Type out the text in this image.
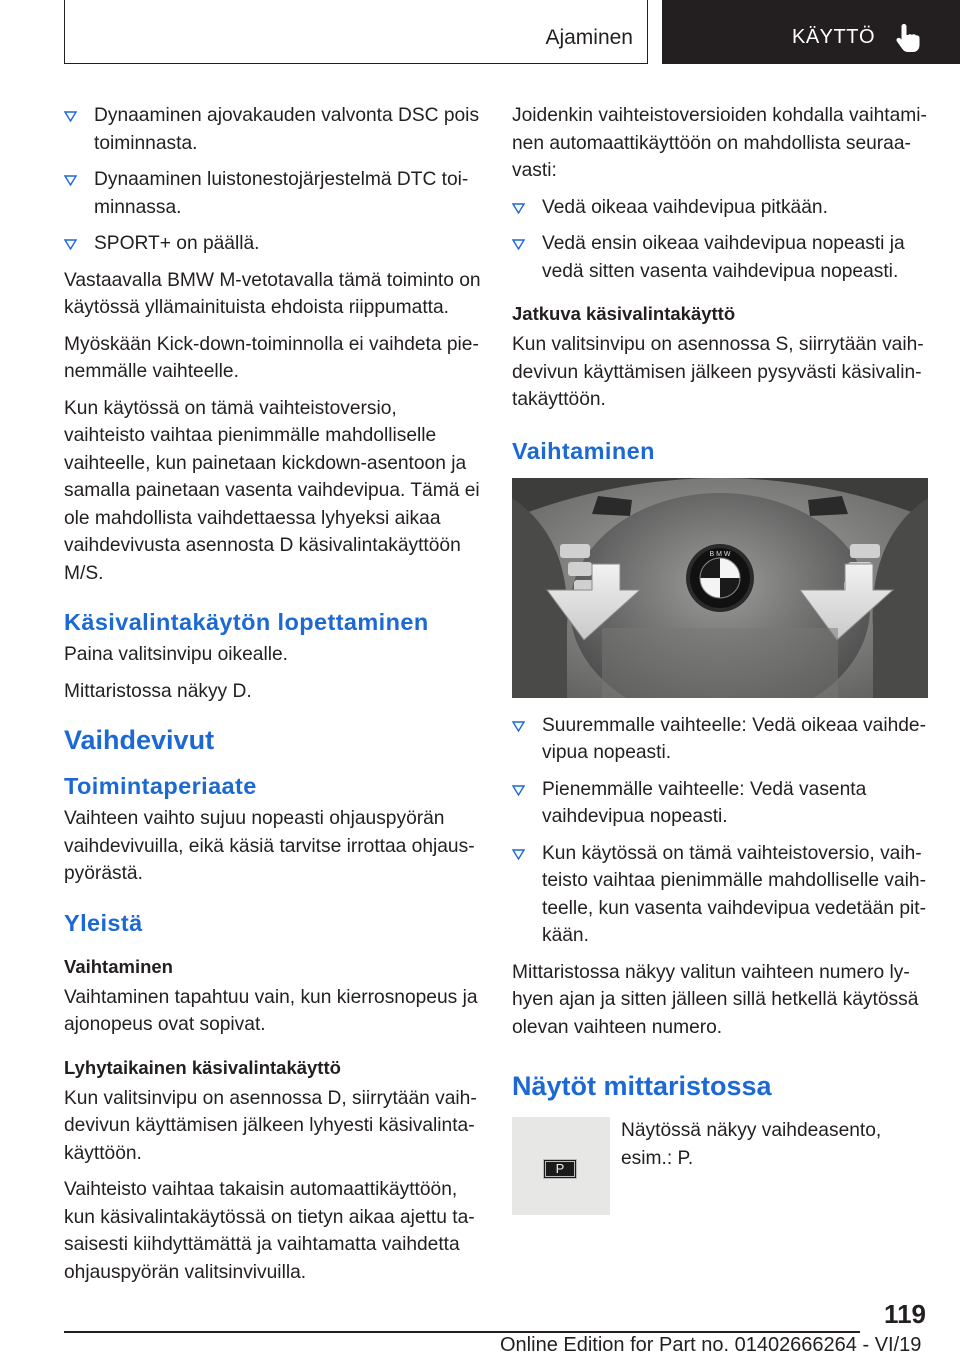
Ajaminen	KÄYTTÖ
Dynaaminen ajovakauden valvonta DSC pois toiminnasta.
Dynaaminen luistonestojärjestelmä DTC toiminnassa.
SPORT+ on päällä.

Vastaavalla BMW M-vetotavalla tämä toiminto on käytössä yllämainituista ehdoista riippumatta.

Myöskään Kick-down-toiminnolla ei vaihdeta pienemmälle vaihteelle.

Kun käytössä on tämä vaihteistoversio, vaihteisto vaihtaa pienimmälle mahdolliselle vaihteelle, kun painetaan kickdown-asentoon ja samalla painetaan vasenta vaihdevipua. Tämä ei ole mahdollista vaihdettaessa lyhyeksi aikaa vaihdevivusta asennosta D käsivalintakäyttöön M/S.

Käsivalintakäytön lopettaminen

Paina valitsinvipu oikealle.

Mittaristossa näkyy D.

Vaihdevivut
Toimintaperiaate

Vaihteen vaihto sujuu nopeasti ohjauspyörän vaihdevivuilla, eikä käsiä tarvitse irrottaa ohjauspyörästä.

Yleistä
Vaihtaminen

Vaihtaminen tapahtuu vain, kun kierrosnopeus ja ajonopeus ovat sopivat.

Lyhytaikainen käsivalintakäyttö

Kun valitsinvipu on asennossa D, siirrytään vaihdevivun käyttämisen jälkeen lyhyesti käsivalintakäyttöön.

Vaihteisto vaihtaa takaisin automaattikäyttöön, kun käsivalintakäytössä on tietyn aikaa ajettu tasaisesti kiihdyttämättä ja vaihtamatta vaihdetta ohjauspyörän valitsinvivuilla.

Joidenkin vaihteistoversioiden kohdalla vaihtaminen automaattikäyttöön on mahdollista seuraavasti:

Vedä oikeaa vaihdevipua pitkään.
Vedä ensin oikeaa vaihdevipua nopeasti ja vedä sitten vasenta vaihdevipua nopeasti.
Jatkuva käsivalintakäyttö

Kun valitsinvipu on asennossa S, siirrytään vaihdevivun käyttämisen jälkeen pysyvästi käsivalintakäyttöön.

Vaihtaminen
B M W
Suuremmalle vaihteelle: Vedä oikeaa vaihdevipua nopeasti.
Pienemmälle vaihteelle: Vedä vasenta vaihdevipua nopeasti.
Kun käytössä on tämä vaihteistoversio, vaihteisto vaihtaa pienimmälle mahdolliselle vaihteelle, kun vasenta vaihdevipua vedetään pitkään.

Mittaristossa näkyy valitun vaihteen numero lyhyen ajan ja sitten jälleen sillä hetkellä käytössä olevan vaihteen numero.

Näytöt mittaristossa
P
Näytössä näkyy vaihdeasento, esim.: P.
119
Online Edition for Part no. 01402666264 - VI/19
